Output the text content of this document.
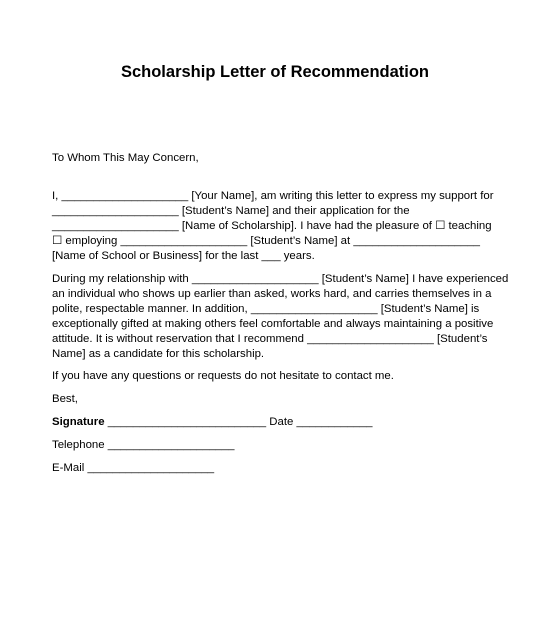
Scholarship Letter of Recommendation
To Whom This May Concern,
I, ____________________ [Your Name], am writing this letter to express my support for
____________________ [Student’s Name] and their application for the
____________________ [Name of Scholarship]. I have had the pleasure of ☐ teaching
☐ employing ____________________ [Student’s Name] at ____________________
[Name of School or Business] for the last ___ years.
During my relationship with ____________________ [Student’s Name] I have experienced
an individual who shows up earlier than asked, works hard, and carries themselves in a
polite, respectable manner. In addition, ____________________ [Student’s Name] is
exceptionally gifted at making others feel comfortable and always maintaining a positive
attitude. It is without reservation that I recommend ____________________ [Student’s
Name] as a candidate for this scholarship.
If you have any questions or requests do not hesitate to contact me.
Best,
Signature _________________________ Date ____________
Telephone ____________________
E-Mail ____________________
